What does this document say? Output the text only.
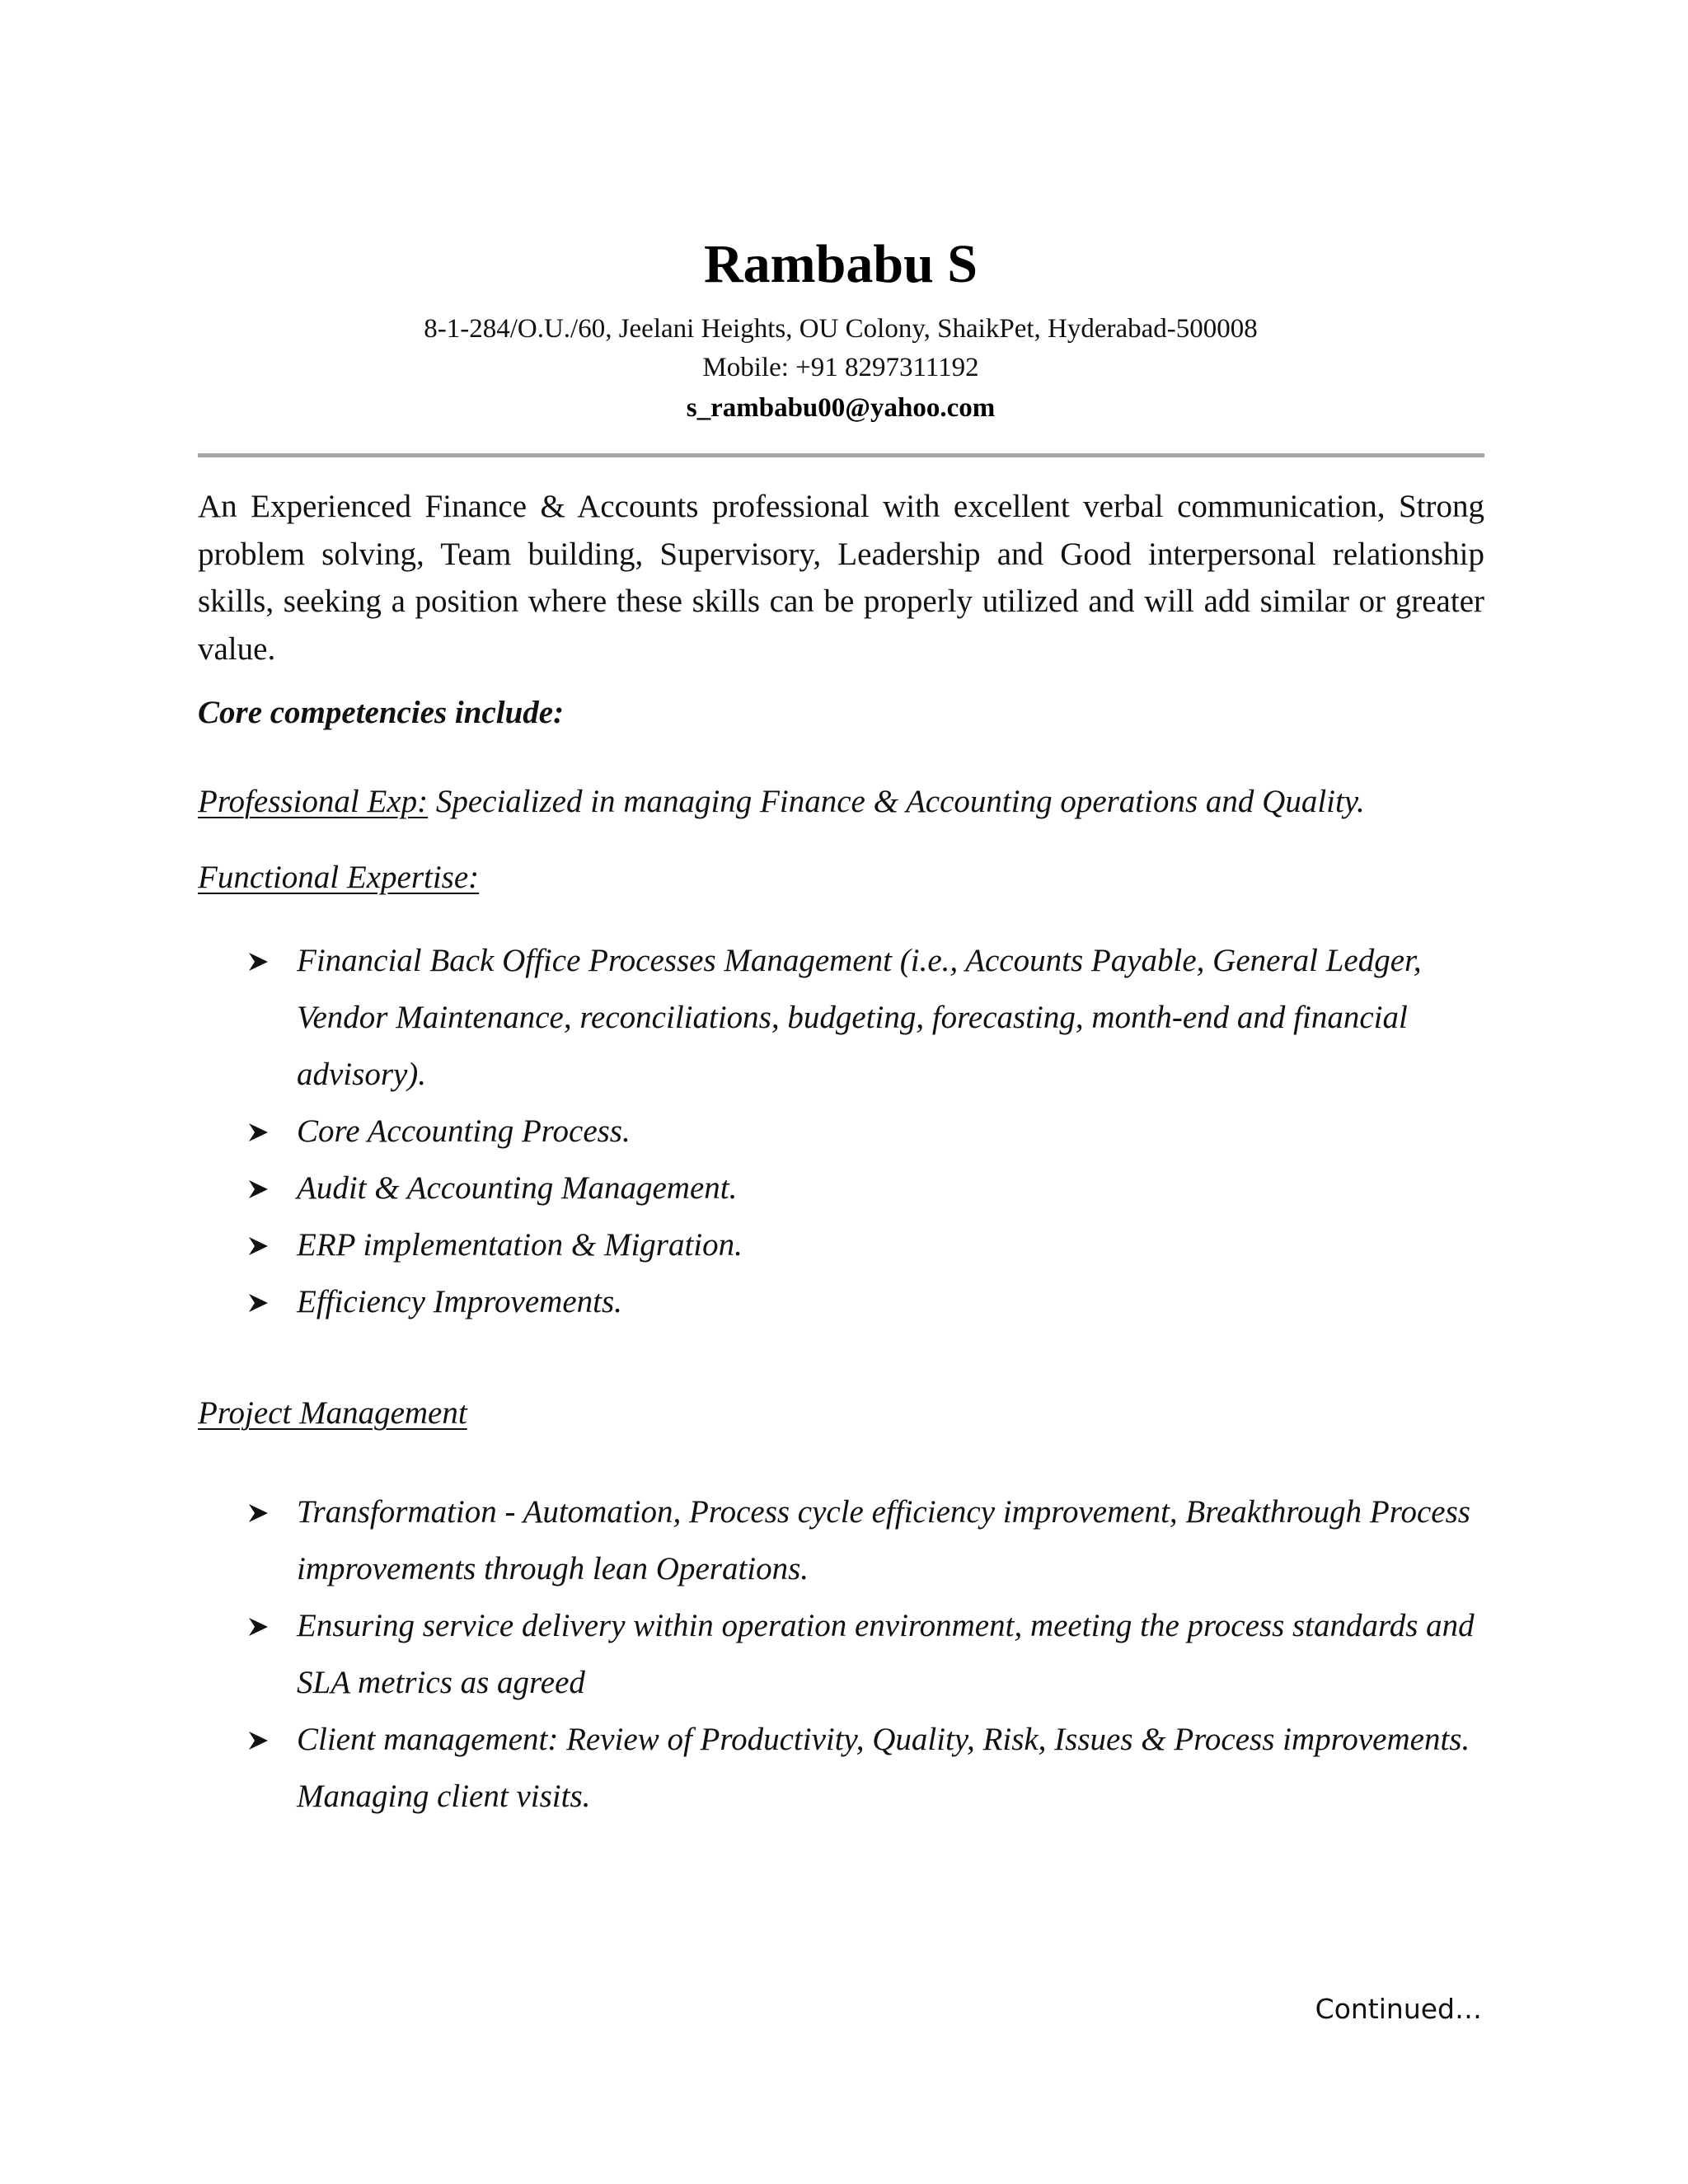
Rambabu S
8-1-284/O.U./60, Jeelani Heights, OU Colony, ShaikPet, Hyderabad-500008
Mobile: +91 8297311192
s_rambabu00@yahoo.com
An Experienced Finance & Accounts professional with excellent verbal communication, Strong problem solving, Team building, Supervisory, Leadership and Good interpersonal relationship skills, seeking a position where these skills can be properly utilized and will add similar or greater value.
Core competencies include:
Professional Exp: Specialized in managing Finance & Accounting operations and Quality.
Functional Expertise:
Financial Back Office Processes Management (i.e., Accounts Payable, General Ledger, Vendor Maintenance, reconciliations, budgeting, forecasting, month-end and financial advisory).
Core Accounting Process.
Audit & Accounting Management.
ERP implementation & Migration.
Efficiency Improvements.
Project Management
Transformation - Automation, Process cycle efficiency improvement, Breakthrough Process improvements through lean Operations.
Ensuring service delivery within operation environment, meeting the process standards and SLA metrics as agreed
Client management: Review of Productivity, Quality, Risk, Issues & Process improvements. Managing client visits.
Continued…
